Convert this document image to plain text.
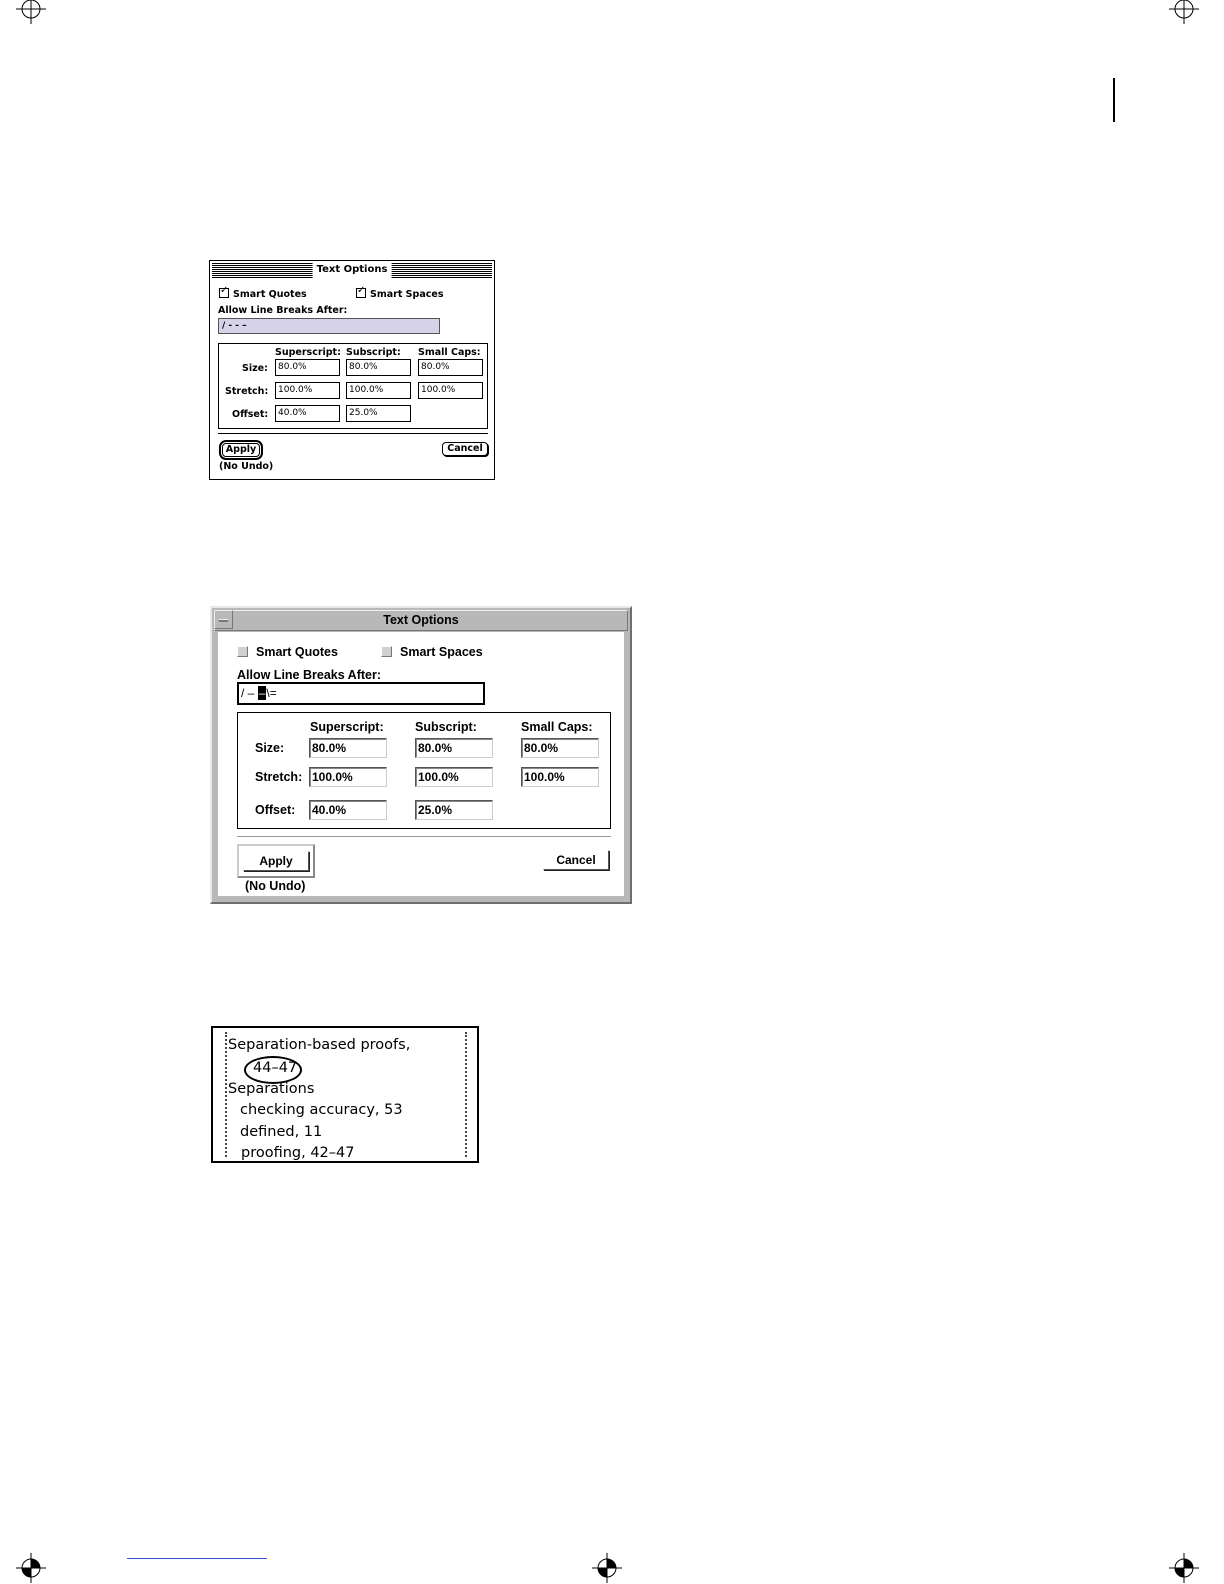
Text Options
✓Smart Quotes
✓	Smart Spaces
Allow Line Breaks After:
/ - - –
Superscript: Subscript: Small Caps:
Size:	80.0%	80.0%	80.0%
Stretch:	100.0%	100.0%	100.0%
Offset:	40.0%	25.0%
Apply	Cancel
(No Undo)
Text Options
Smart Quotes	Smart Spaces
Allow Line Breaks After:
/ – –\=
Superscript:	Subscript:	Small Caps:
Size: 80.0%	80.0%	80.0%
Stretch: 100.0%	100.0%	100.0%
Offset: 40.0%	25.0%
Apply	Cancel
(No Undo)
Separation-based proofs,
44–47
Separations
checking accuracy, 53
defined, 11
proofing, 42–47
